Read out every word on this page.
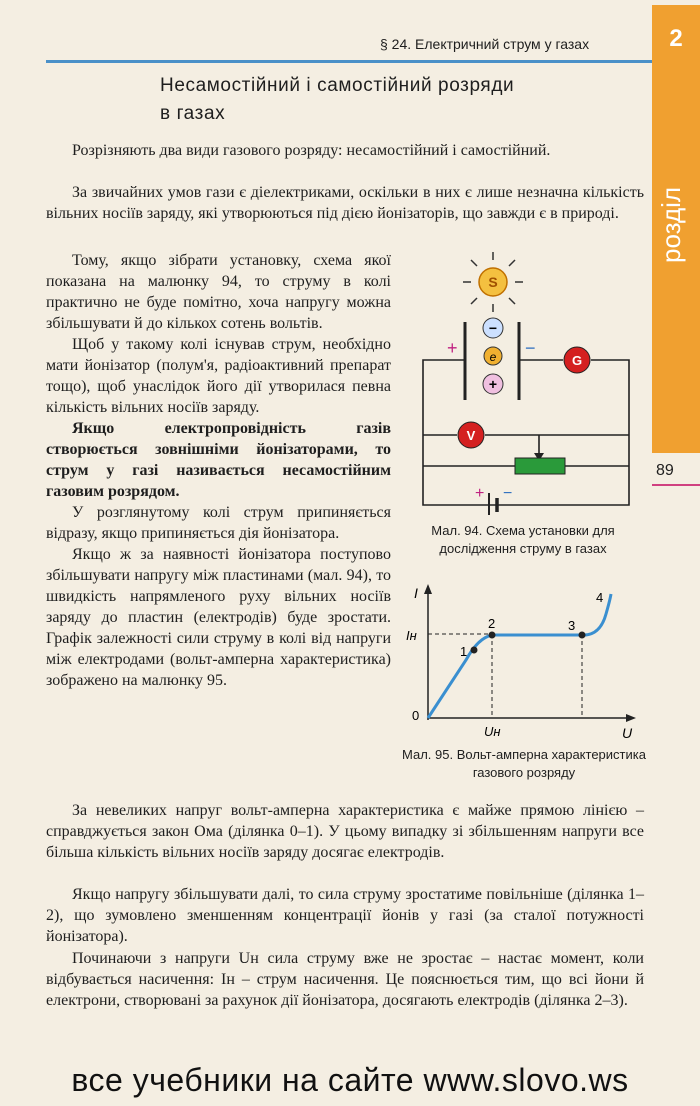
§ 24. Електричний струм у газах	2
розділ
89
Несамостійний і самостійний розряди
в газах

Розрізняють два види газового розряду: несамостійний і самостійний.

За звичайних умов гази є діелектриками, оскільки в них є лише незначна кількість вільних носіїв заряду, які утворюються під дією йонізаторів, що завжди є в природі.

Тому, якщо зібрати установку, схема якої показана на малюнку 94, то струму в колі практично не буде помітно, хоча напругу можна збільшувати й до кількох сотень вольтів.

Щоб у такому колі існував струм, необхідно мати йонізатор (полум'я, радіоактивний препарат тощо), щоб унаслідок його дії утворилася певна кількість вільних носіїв заряду.

Якщо електропровідність газів створюється зовнішніми йонізаторами, то струм у газі називається несамостійним газовим розрядом.

У розглянутому колі струм припиняється відразу, якщо припиняється дія йонізатора.

Якщо ж за наявності йонізатора поступово збільшувати напругу між пластинами (мал. 94), то швидкість напрямленого руху вільних носіїв заряду до пластин (електродів) буде зростати. Графік залежності сили струму в колі від напруги між електродами (вольт-амперна характеристика) зображено на малюнку 95.

За невеликих напруг вольт-амперна характеристика є майже прямою лінією – справджується закон Ома (ділянка 0–1). У цьому випадку зі збільшенням напруги все більша кількість вільних носіїв заряду досягає електродів.

Якщо напругу збільшувати далі, то сила струму зростатиме повільніше (ділянка 1–2), що зумовлено зменшенням концентрації йонів у газі (за сталої потужності йонізатора).

Починаючи з напруги Uн сила струму вже не зростає – настає момент, коли відбувається насичення: Iн – струм насичення. Це пояснюється тим, що всі йони й електрони, створювані за рахунок дії йонізатора, досягають електродів (ділянка 2–3).

S
−
e
+
+	−
G
V
+ −
Мал. 94. Схема установки для дослідження струму в газах
I
U
0
Iн
Uн
1
2	3
4
Мал. 95. Вольт-амперна характеристика газового розряду
все учебники на сайте www.slovo.ws
